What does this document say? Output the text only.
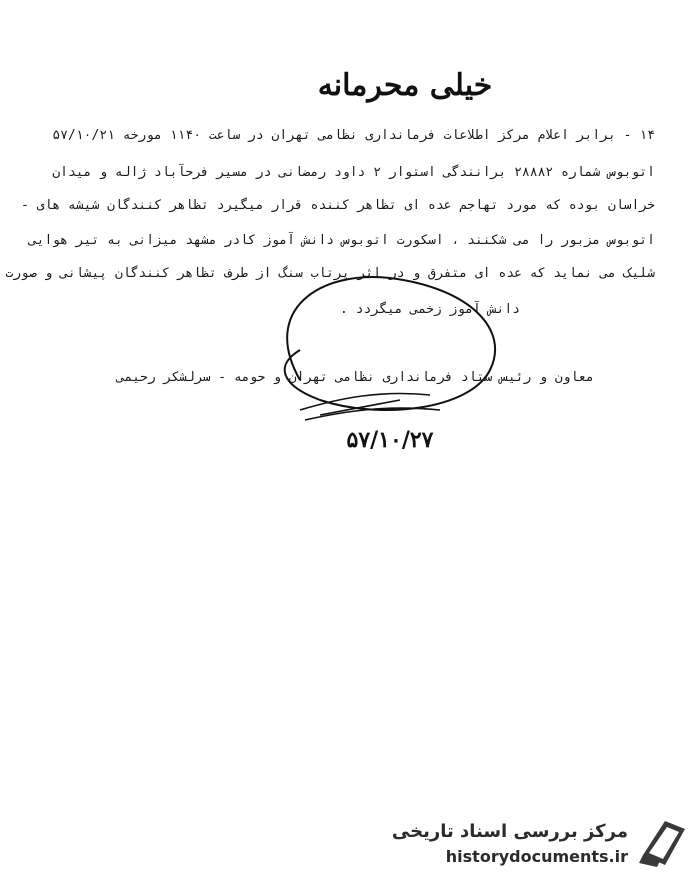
خیلی محرمانه
۱۴ - برابر اعلام مرکز اطلاعات فرمانداری نظامی تهران در ساعت ۱۱۴۰ مورخه ۵۷/۱۰/۲۱
اتوبوس شماره ۲۸۸۸۲ برانندگی استوار ۲ داود رمضانی در مسیر فرحآباد ژاله و میدان
خراسان بوده که مورد تهاجم عده ای تظاهر کننده قرار میگیرد تظاهر کنندگان شیشه های -
اتوبوس مزبور را می شکنند ، اسکورت اتوبوس دانش آموز کادر مشهد میزانی به تیر هوایی
شلیک می نماید که عده ای متفرق و در اثر پرتاب سنگ از طرف تظاهر کنندگان پیشانی و صورت
دانش آموز زخمی میگردد .
معاون و رئیس ستاد فرمانداری نظامی تهران و حومه - سرلشکر رحیمی
۵۷/۱۰/۲۷
مرکز بررسی اسناد تاریخی
historydocuments.ir
